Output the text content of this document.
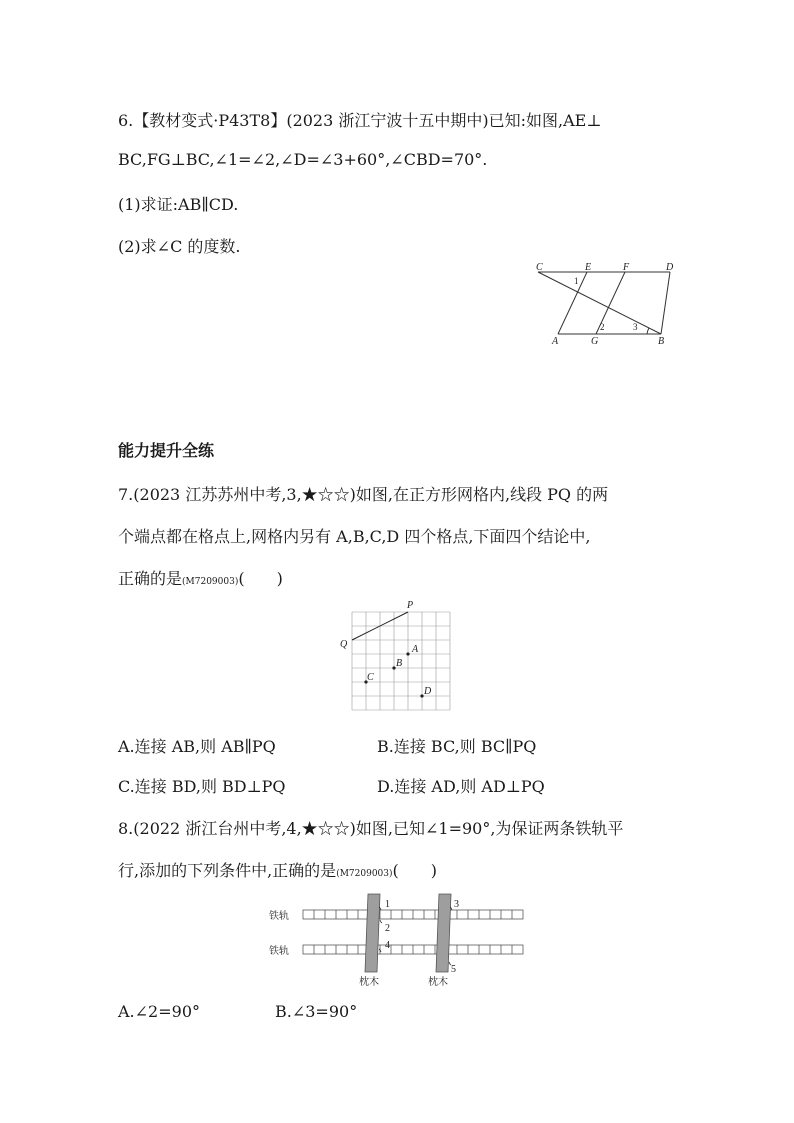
6.【教材变式·P43T8】(2023 浙江宁波十五中期中)已知:如图,AE⊥
BC,FG⊥BC,∠1=∠2,∠D=∠3+60°,∠CBD=70°.
(1)求证:AB∥CD.
(2)求∠C 的度数.
C	E	F	D
A	G	B
1
2	3
能力提升全练
7.(2023 江苏苏州中考,3,★☆☆)如图,在正方形网格内,线段 PQ 的两
个端点都在格点上,网格内另有 A,B,C,D 四个格点,下面四个结论中,
正确的是(M7209003)(　　)
P
Q	A
B
C
D
A.连接 AB,则 AB∥PQ	B.连接 BC,则 BC∥PQ
C.连接 BD,则 BD⊥PQ	D.连接 AD,则 AD⊥PQ
8.(2022 浙江台州中考,4,★☆☆)如图,已知∠1=90°,为保证两条铁轨平
行,添加的下列条件中,正确的是(M7209003)(　　)
铁轨
铁轨
枕木	枕木
1
2
3
4
5
A.∠2=90°	B.∠3=90°
